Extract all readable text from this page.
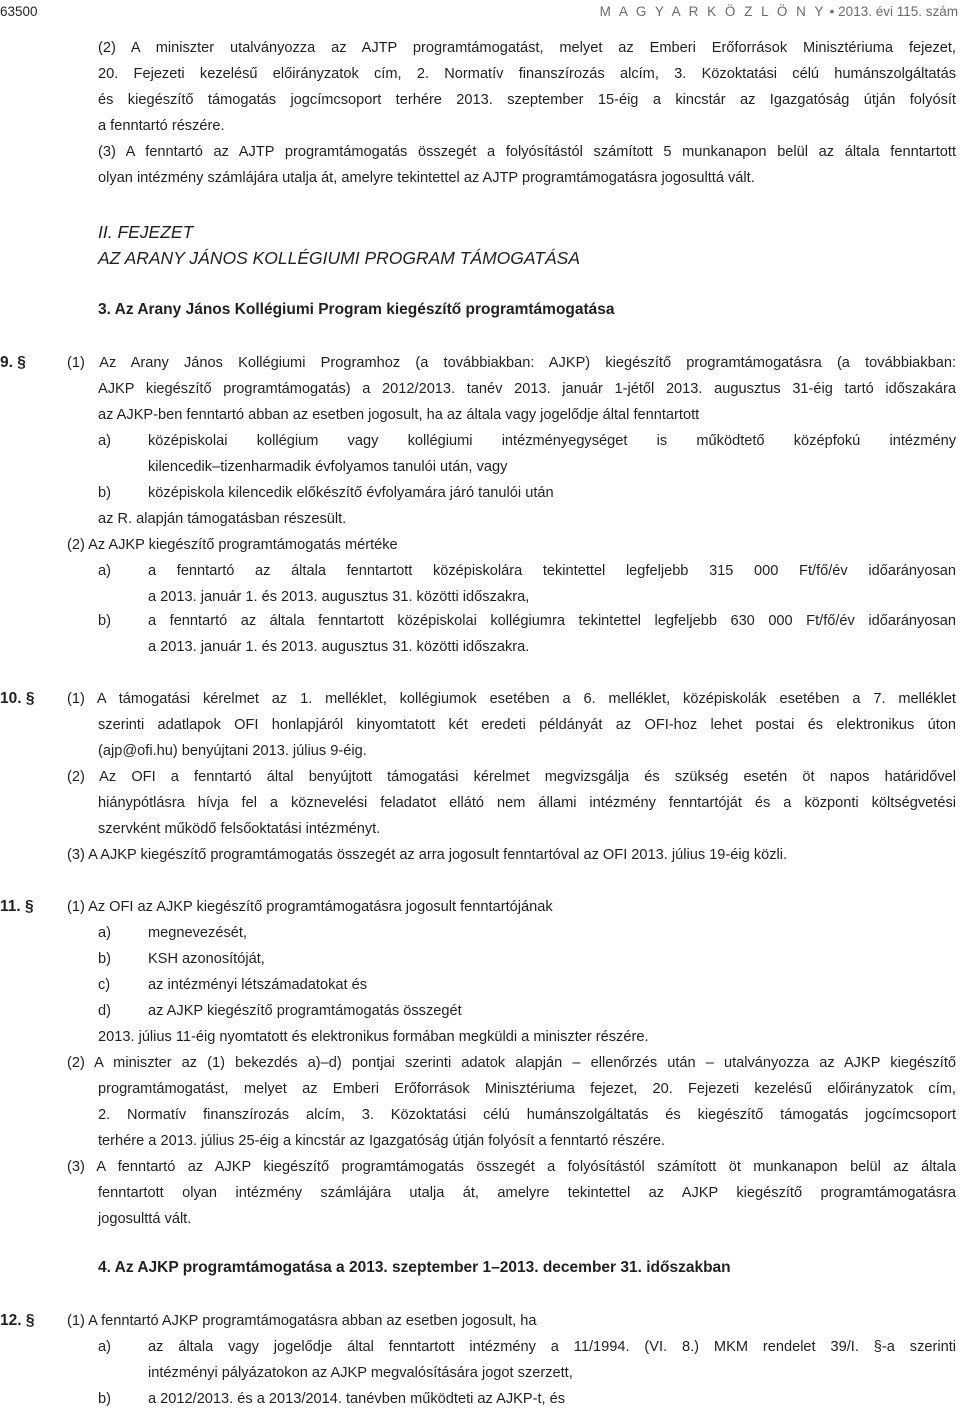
63500	M A G Y A R K Ö Z L Ö N Y • 2013. évi 115. szám
(2) A miniszter utalványozza az AJTP programtámogatást, melyet az Emberi Erőforrások Minisztériuma fejezet,
20. Fejezeti kezelésű előirányzatok cím, 2. Normatív finanszírozás alcím, 3. Közoktatási célú humánszolgáltatás
és kiegészítő támogatás jogcímcsoport terhére 2013. szeptember 15-éig a kincstár az Igazgatóság útján folyósít
a fenntartó részére.
(3) A fenntartó az AJTP programtámogatás összegét a folyósítástól számított 5 munkanapon belül az általa fenntartott
olyan intézmény számlájára utalja át, amelyre tekintettel az AJTP programtámogatásra jogosulttá vált.
II. FEJEZET
AZ ARANY JÁNOS KOLLÉGIUMI PROGRAM TÁMOGATÁSA
3. Az Arany János Kollégiumi Program kiegészítő programtámogatása
9. §	(1) Az Arany János Kollégiumi Programhoz (a továbbiakban: AJKP) kiegészítő programtámogatásra (a továbbiakban:
AJKP kiegészítő programtámogatás) a 2012/2013. tanév 2013. január 1-jétől 2013. augusztus 31-éig tartó időszakára
az AJKP-ben fenntartó abban az esetben jogosult, ha az általa vagy jogelődje által fenntartott
a)	középiskolai kollégium vagy kollégiumi intézményegységet is működtető középfokú intézmény
kilencedik–tizenharmadik évfolyamos tanulói után, vagy
b)	középiskola kilencedik előkészítő évfolyamára járó tanulói után
az R. alapján támogatásban részesült.
(2) Az AJKP kiegészítő programtámogatás mértéke
a)	a fenntartó az általa fenntartott középiskolára tekintettel legfeljebb 315 000 Ft/fő/év időarányosan
a 2013. január 1. és 2013. augusztus 31. közötti időszakra,
b)	a fenntartó az általa fenntartott középiskolai kollégiumra tekintettel legfeljebb 630 000 Ft/fő/év időarányosan
a 2013. január 1. és 2013. augusztus 31. közötti időszakra.
10. § (1) A támogatási kérelmet az 1. melléklet, kollégiumok esetében a 6. melléklet, középiskolák esetében a 7. melléklet
szerinti adatlapok OFI honlapjáról kinyomtatott két eredeti példányát az OFI-hoz lehet postai és elektronikus úton
(ajp@ofi.hu) benyújtani 2013. július 9-éig.
(2) Az OFI a fenntartó által benyújtott támogatási kérelmet megvizsgálja és szükség esetén öt napos határidővel
hiánypótlásra hívja fel a köznevelési feladatot ellátó nem állami intézmény fenntartóját és a központi költségvetési
szervként működő felsőoktatási intézményt.
(3) A AJKP kiegészítő programtámogatás összegét az arra jogosult fenntartóval az OFI 2013. július 19-éig közli.
11. § (1) Az OFI az AJKP kiegészítő programtámogatásra jogosult fenntartójának
a)	megnevezését,
b)	KSH azonosítóját,
c)	az intézményi létszámadatokat és
d)	az AJKP kiegészítő programtámogatás összegét
2013. július 11-éig nyomtatott és elektronikus formában megküldi a miniszter részére.
(2) A miniszter az (1) bekezdés a)–d) pontjai szerinti adatok alapján – ellenőrzés után – utalványozza az AJKP kiegészítő
programtámogatást, melyet az Emberi Erőforrások Minisztériuma fejezet, 20. Fejezeti kezelésű előirányzatok cím,
2. Normatív finanszírozás alcím, 3. Közoktatási célú humánszolgáltatás és kiegészítő támogatás jogcímcsoport
terhére a 2013. július 25-éig a kincstár az Igazgatóság útján folyósít a fenntartó részére.
(3) A fenntartó az AJKP kiegészítő programtámogatás összegét a folyósítástól számított öt munkanapon belül az általa
fenntartott olyan intézmény számlájára utalja át, amelyre tekintettel az AJKP kiegészítő programtámogatásra
jogosulttá vált.
4. Az AJKP programtámogatása a 2013. szeptember 1–2013. december 31. időszakban
12. § (1) A fenntartó AJKP programtámogatásra abban az esetben jogosult, ha
a)	az általa vagy jogelődje által fenntartott intézmény a 11/1994. (VI. 8.) MKM rendelet 39/I. §-a szerinti
intézményi pályázatokon az AJKP megvalósítására jogot szerzett,
b)	a 2012/2013. és a 2013/2014. tanévben működteti az AJKP-t, és
